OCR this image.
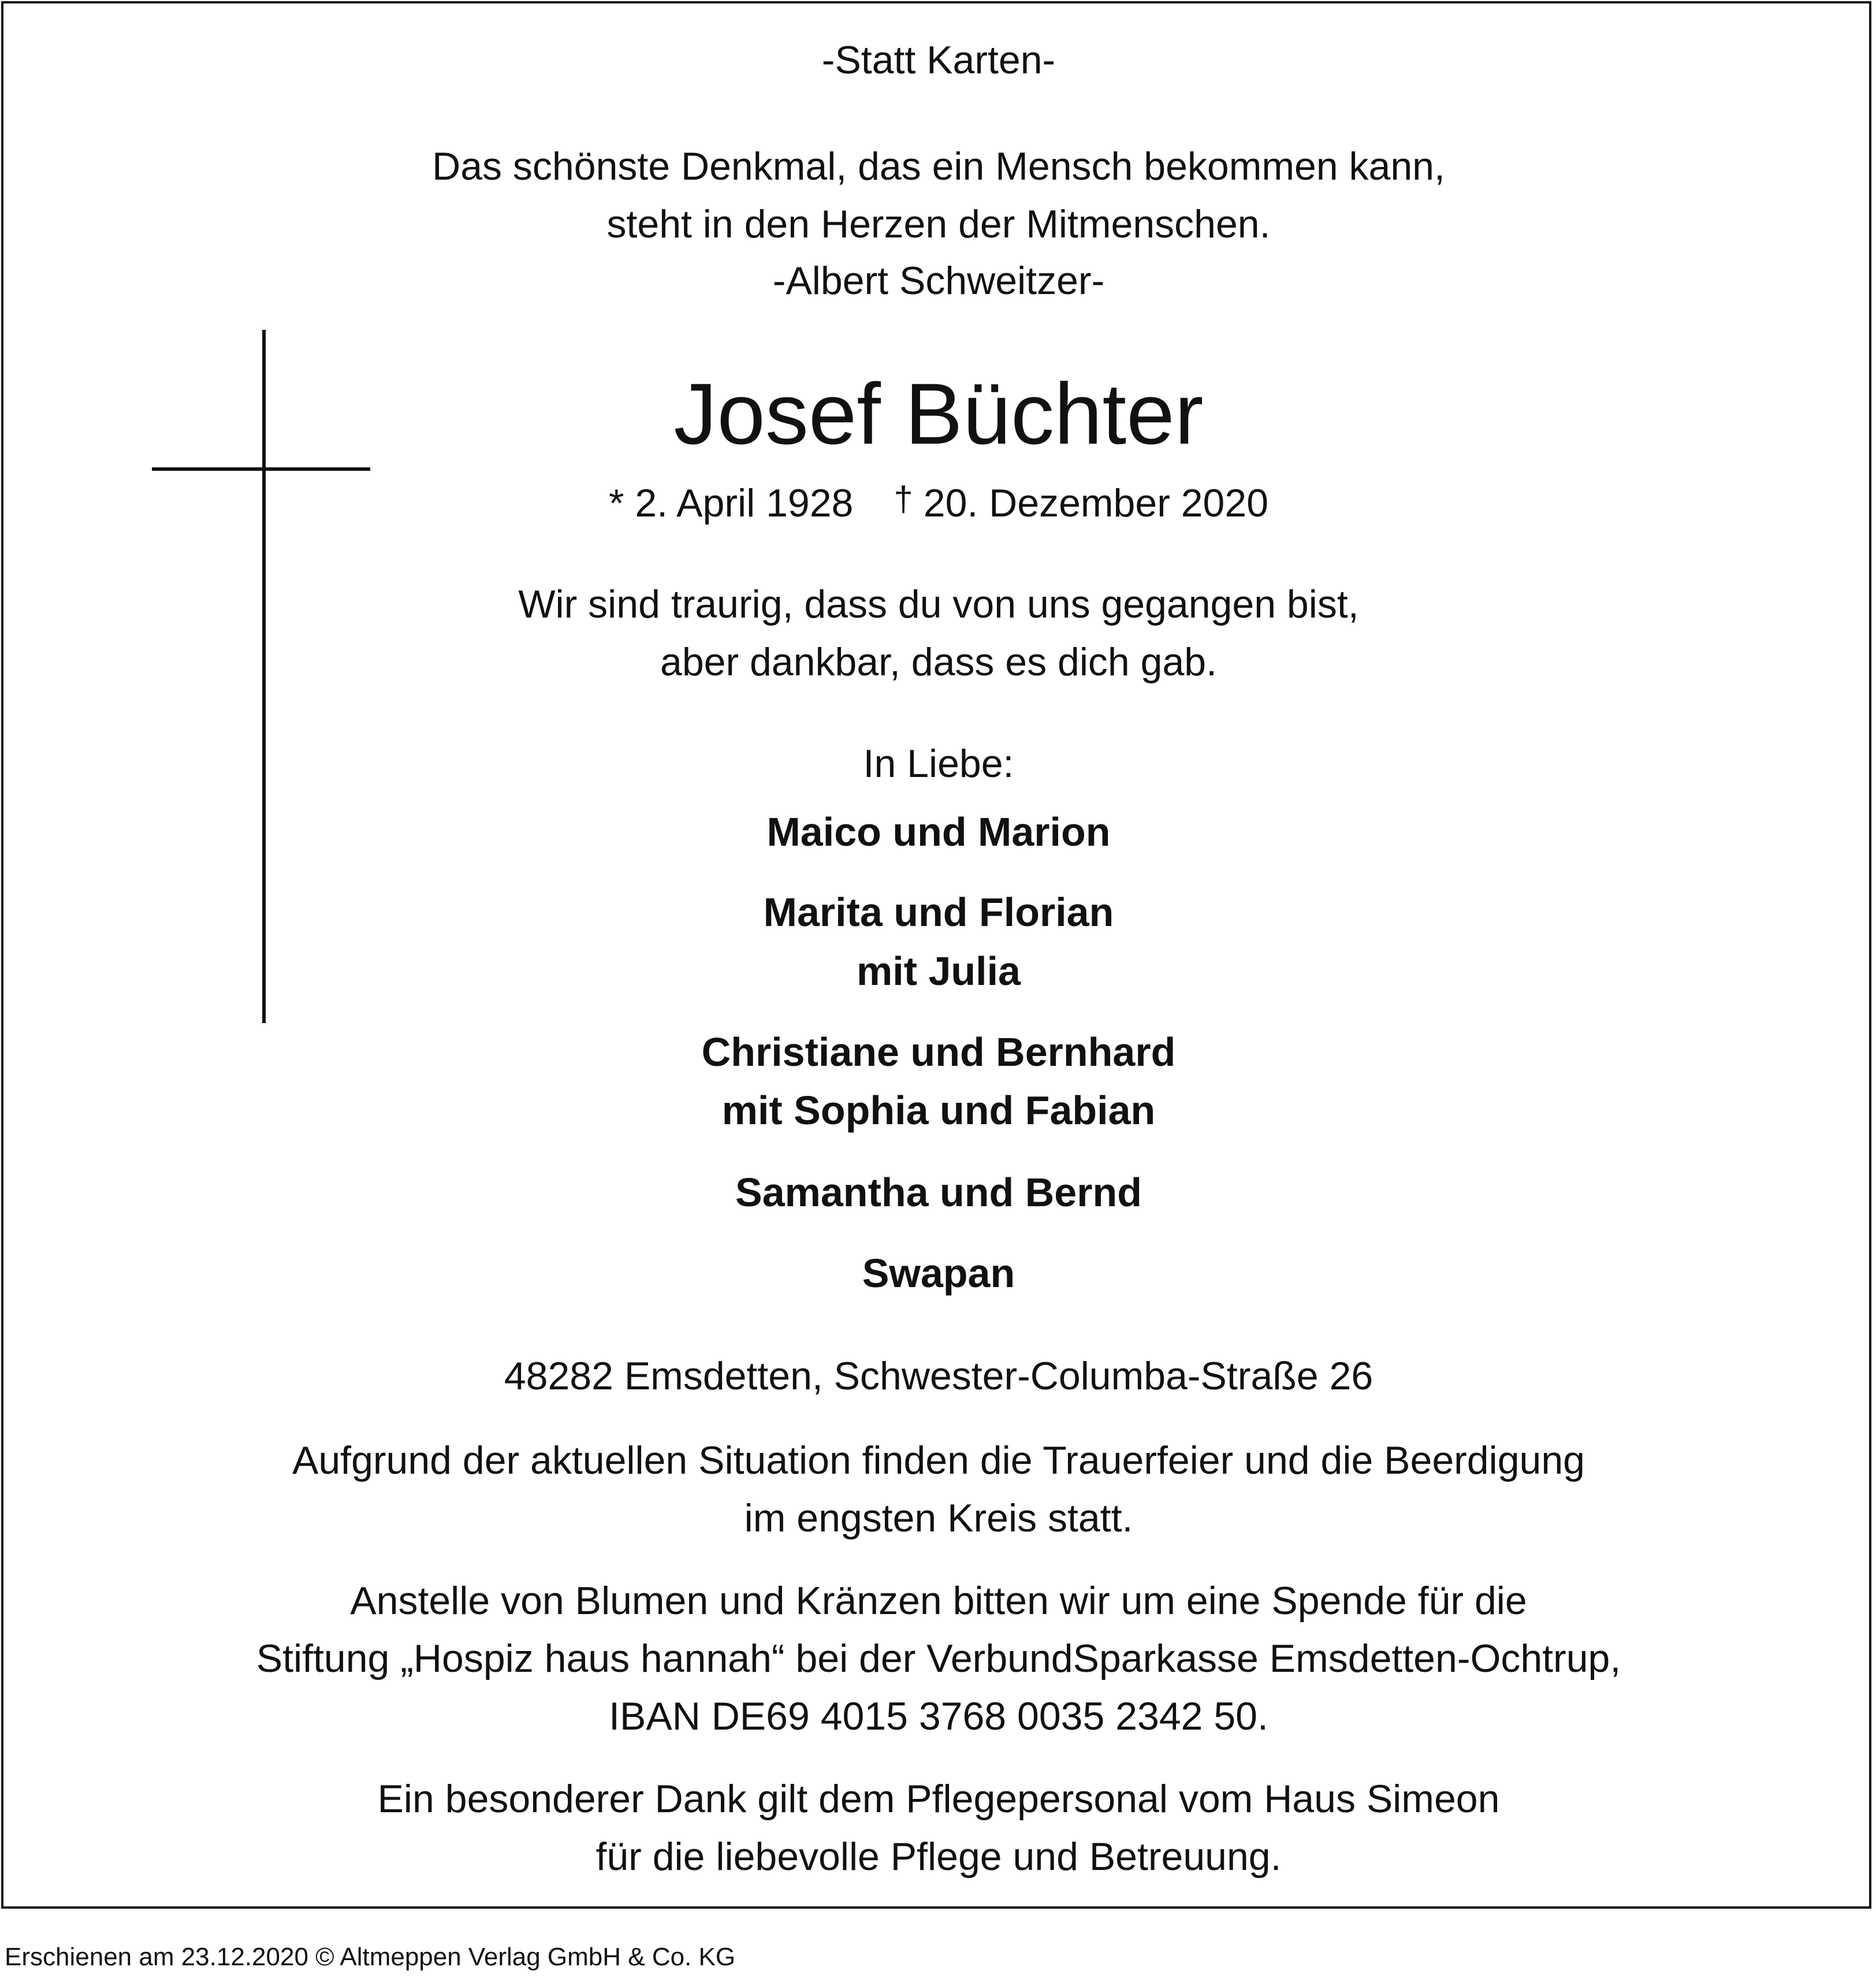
-Statt Karten-
Das schönste Denkmal, das ein Mensch bekommen kann,
steht in den Herzen der Mitmenschen.
-Albert Schweitzer-
Josef Büchter
* 2. April 1928 † 20. Dezember 2020
Wir sind traurig, dass du von uns gegangen bist,
aber dankbar, dass es dich gab.
In Liebe:
Maico und Marion
Marita und Florian
mit Julia
Christiane und Bernhard
mit Sophia und Fabian
Samantha und Bernd
Swapan
48282 Emsdetten, Schwester-Columba-Straße 26
Aufgrund der aktuellen Situation finden die Trauerfeier und die Beerdigung
im engsten Kreis statt.
Anstelle von Blumen und Kränzen bitten wir um eine Spende für die
Stiftung „Hospiz haus hannah“ bei der VerbundSparkasse Emsdetten-Ochtrup,
IBAN DE69 4015 3768 0035 2342 50.
Ein besonderer Dank gilt dem Pflegepersonal vom Haus Simeon
für die liebevolle Pflege und Betreuung.
Erschienen am 23.12.2020 © Altmeppen Verlag GmbH & Co. KG
